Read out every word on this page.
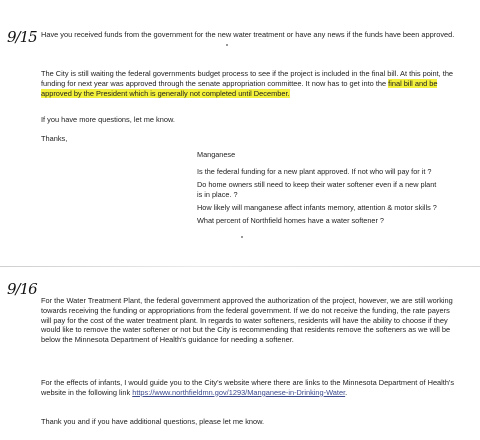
9/15 Have you received funds from the government for the new water treatment or have any news if the funds have been approved.

The City is still waiting the federal governments budget process to see if the project is included in the final bill. At this point, the funding for next year was approved through the senate appropriation committee. It now has to get into the final bill and be approved by the President which is generally not completed until December.

If you have more questions, let me know.

Thanks,

Manganese

Is the federal funding for a new plant approved. If not who will pay for it ?

Do home owners still need to keep their water softener even if a new plant is in place. ?

How likely will manganese affect infants memory, attention & motor skills ?

What percent of Northfield homes have a water softener ?

9/16

For the Water Treatment Plant, the federal government approved the authorization of the project, however, we are still working towards receiving the funding or appropriations from the federal government. If we do not receive the funding, the rate payers will pay for the cost of the water treatment plant. In regards to water softeners, residents will have the ability to choose if they would like to remove the water softener or not but the City is recommending that residents remove the softeners as we will be below the Minnesota Department of Health's guidance for needing a softener.

For the effects of infants, I would guide you to the City's website where there are links to the Minnesota Department of Health's website in the following link https://www.northfieldmn.gov/1293/Manganese-in-Drinking-Water.

Thank you and if you have additional questions, please let me know.
